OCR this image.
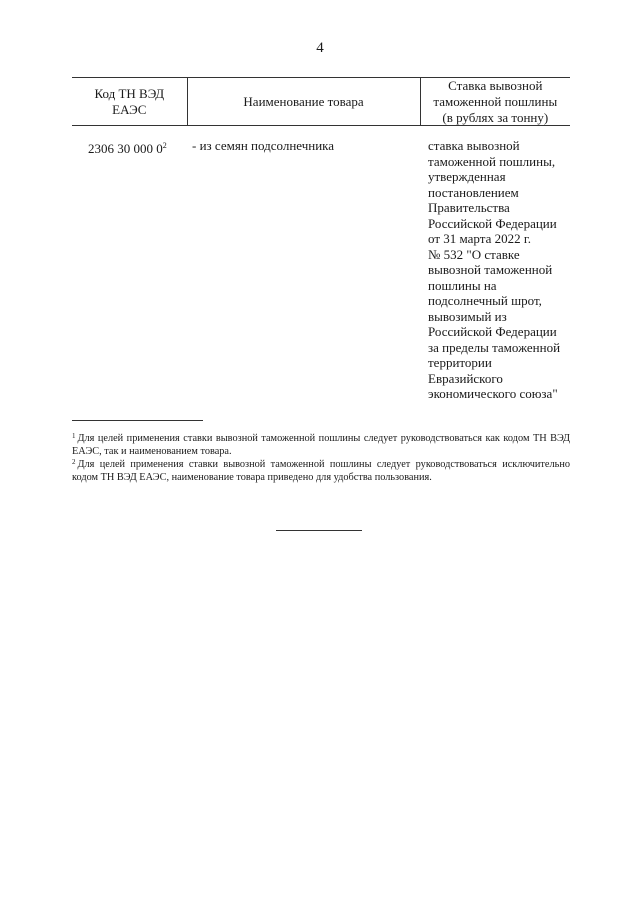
4
Код ТН ВЭД
ЕАЭС
Наименование товара
Ставка вывозной
таможенной пошлины
(в рублях за тонну)
2306 30 000 $0^2$ - из семян подсолнечника	ставка вывозной
таможенной пошлины,
утвержденная
постановлением
Правительства
Российской Федерации
от 31 марта 2022 г.
№ 532 "О ставке
вывозной таможенной
пошлины на
подсолнечный шрот,
вывозимый из
Российской Федерации
за пределы таможенной
территории
Евразийского
экономического союза"
$^1$ Для целей применения ставки вывозной таможенной пошлины следует руководствоваться как кодом ТН ВЭД ЕАЭС, так и наименованием товара.
$^2$ Для целей применения ставки вывозной таможенной пошлины следует руководствоваться исключительно кодом ТН ВЭД ЕАЭС, наименование товара приведено для удобства пользования.
